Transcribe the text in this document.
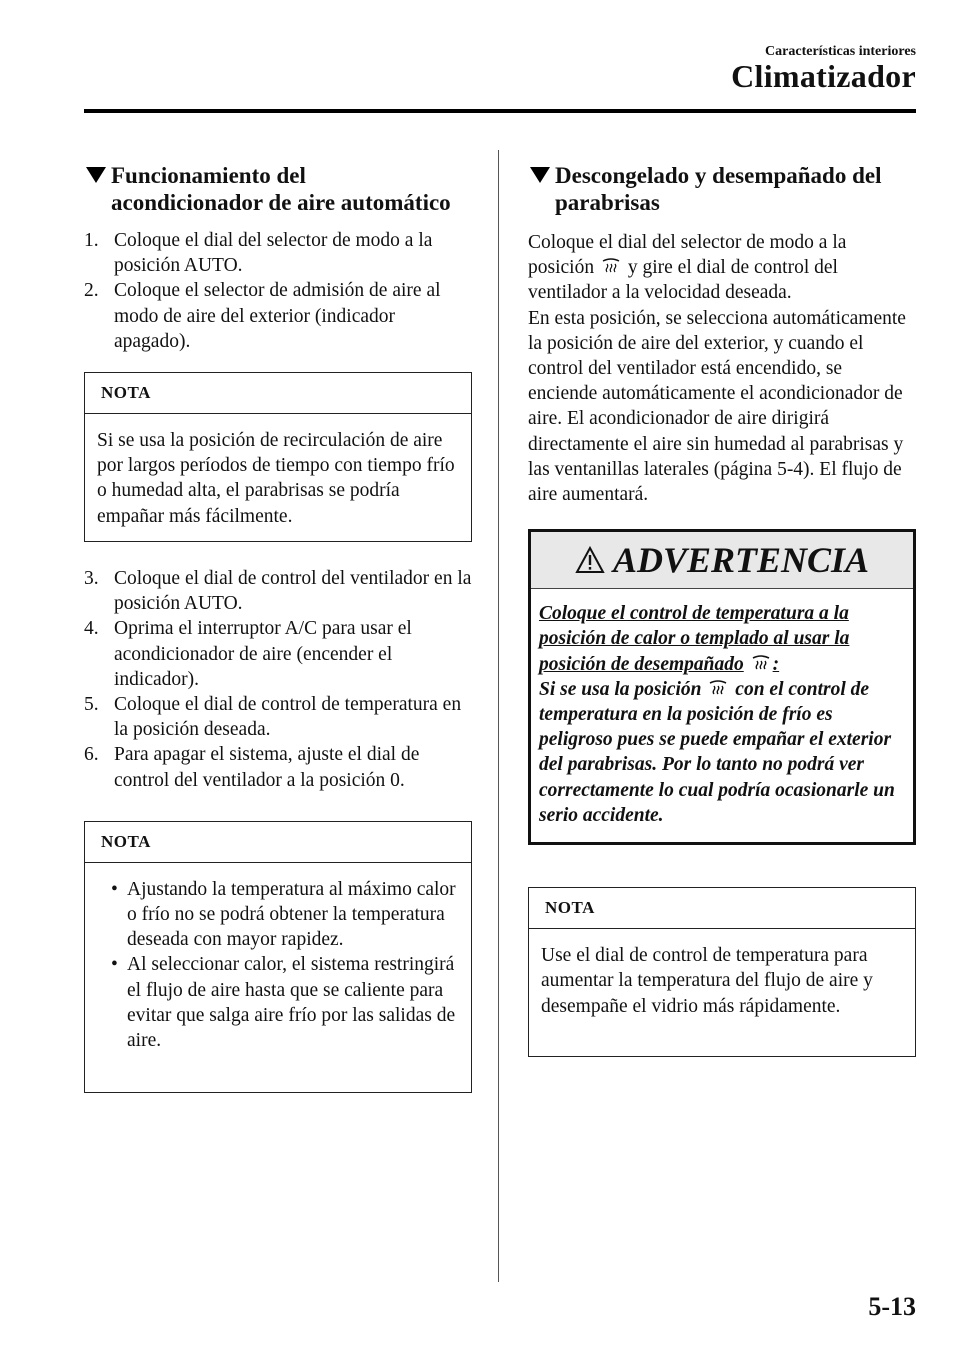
Características interiores
Climatizador
Funcionamiento del
acondicionador de aire automático
1. Coloque el dial del selector de modo a la posición AUTO.
2. Coloque el selector de admisión de aire al modo de aire del exterior (indicador apagado).
NOTA
Si se usa la posición de recirculación de aire por largos períodos de tiempo con tiempo frío o humedad alta, el parabrisas se podría empañar más fácilmente.
3. Coloque el dial de control del ventilador en la posición AUTO.
4. Oprima el interruptor A/C para usar el acondicionador de aire (encender el indicador).
5. Coloque el dial de control de temperatura en la posición deseada.
6. Para apagar el sistema, ajuste el dial de control del ventilador a la posición 0.
NOTA
• Ajustando la temperatura al máximo calor o frío no se podrá obtener la temperatura deseada con mayor rapidez.
• Al seleccionar calor, el sistema restringirá el flujo de aire hasta que se caliente para evitar que salga aire frío por las salidas de aire.
Descongelado y desempañado del
parabrisas
Coloque el dial del selector de modo a la posición y gire el dial de control del ventilador a la velocidad deseada.
En esta posición, se selecciona automáticamente la posición de aire del exterior, y cuando el control del ventilador está encendido, se enciende automáticamente el acondicionador de aire. El acondicionador de aire dirigirá directamente el aire sin humedad al parabrisas y las ventanillas laterales (página 5-4). El flujo de aire aumentará.
ADVERTENCIA
Coloque el control de temperatura a la posición de calor o templado al usar la posición de desempañado :
Si se usa la posición con el control de temperatura en la posición de frío es peligroso pues se puede empañar el exterior del parabrisas. Por lo tanto no podrá ver correctamente lo cual podría ocasionarle un serio accidente.
NOTA
Use el dial de control de temperatura para aumentar la temperatura del flujo de aire y desempañe el vidrio más rápidamente.
5-13
